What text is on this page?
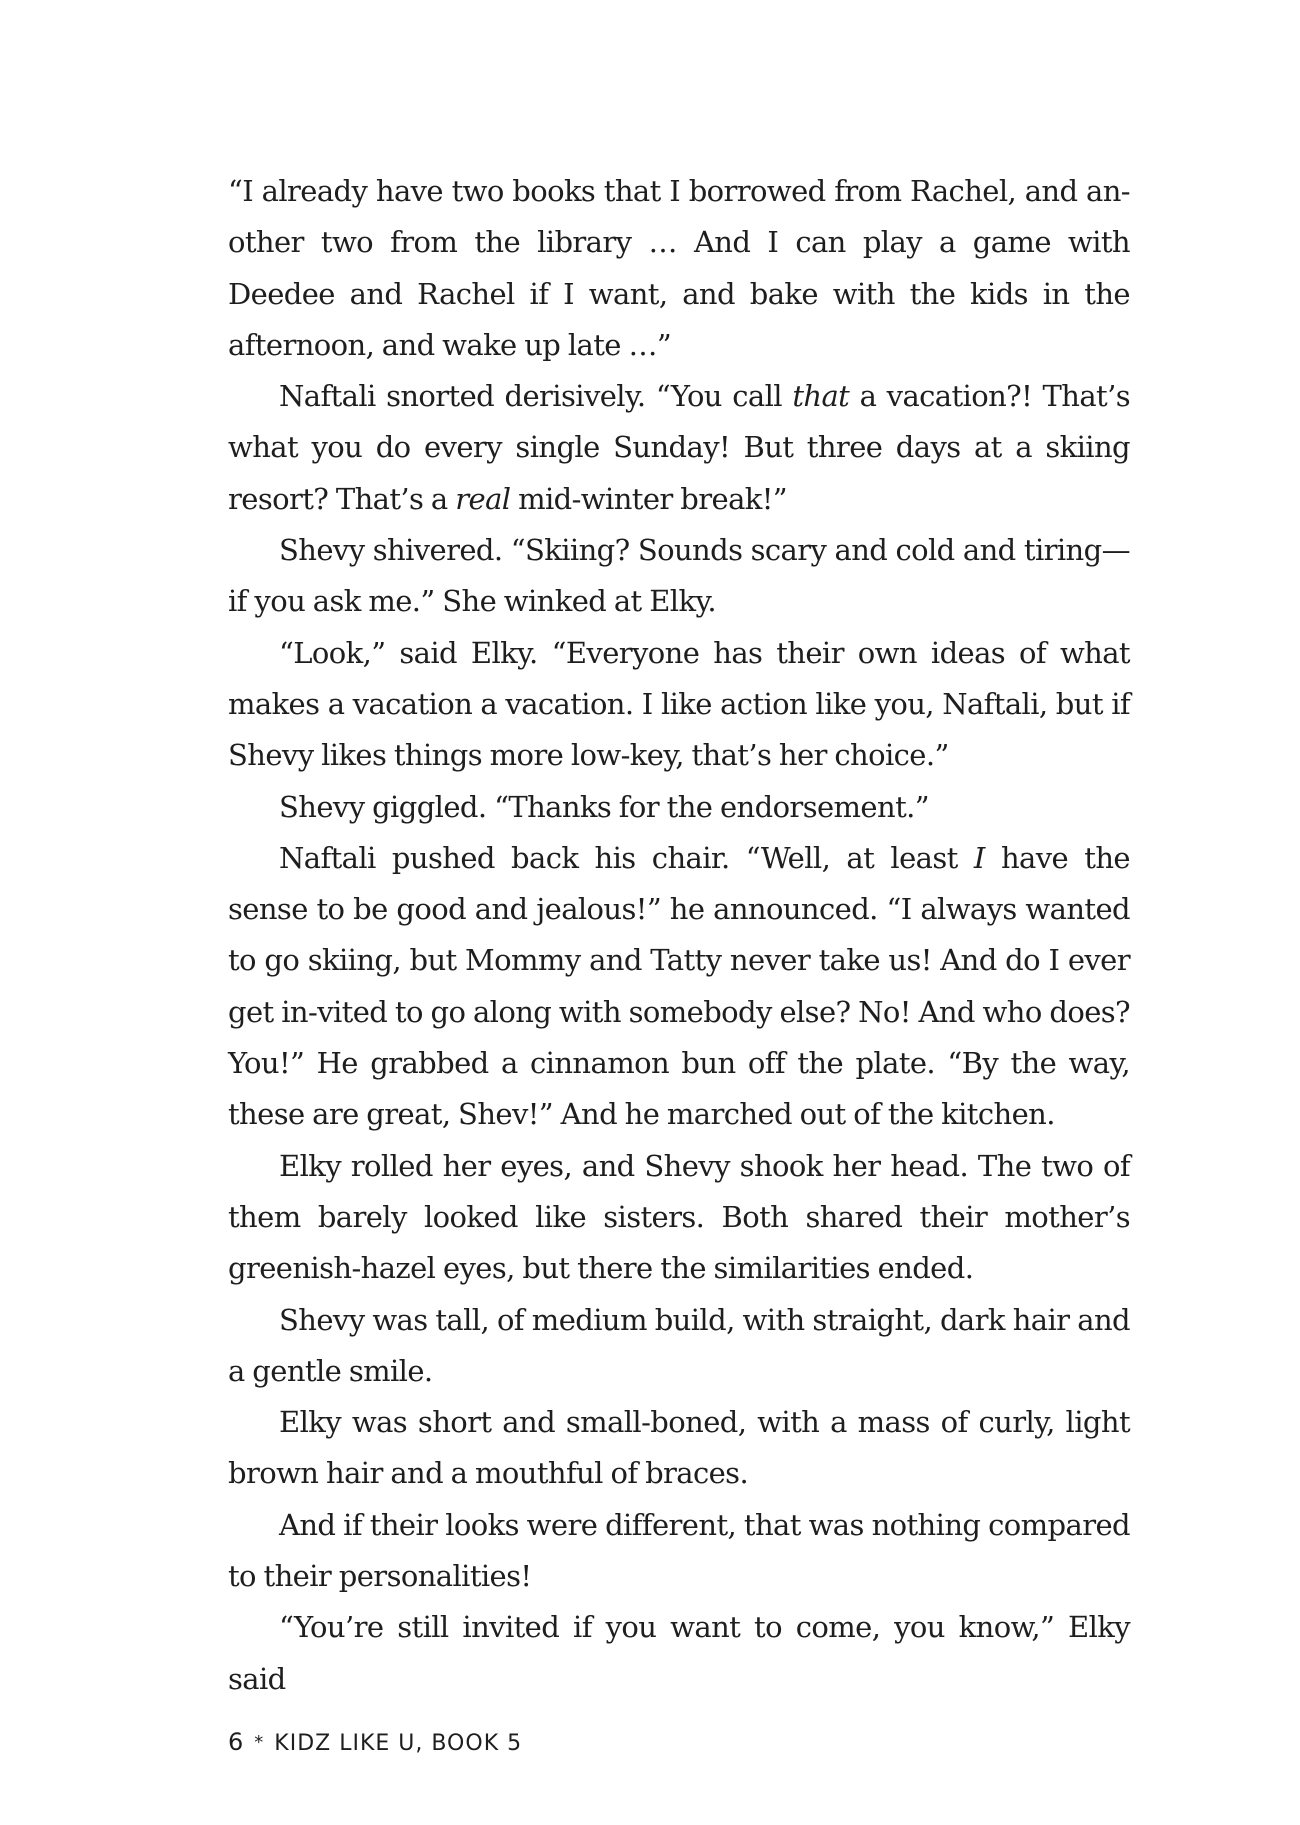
“I already have two books that I borrowed from Rachel, and an-other two from the library … And I can play a game with Deedee and Rachel if I want, and bake with the kids in the afternoon, and wake up late …”

Naftali snorted derisively. “You call that a vacation?! That’s what you do every single Sunday! But three days at a skiing resort? That’s a real mid-winter break!”

Shevy shivered. “Skiing? Sounds scary and cold and tiring— if you ask me.” She winked at Elky.

“Look,” said Elky. “Everyone has their own ideas of what makes a vacation a vacation. I like action like you, Naftali, but if Shevy likes things more low-key, that’s her choice.”

Shevy giggled. “Thanks for the endorsement.”

Naftali pushed back his chair. “Well, at least I have the sense to be good and jealous!” he announced. “I always wanted to go skiing, but Mommy and Tatty never take us! And do I ever get in-vited to go along with somebody else? No! And who does? You!” He grabbed a cinnamon bun off the plate. “By the way, these are great, Shev!” And he marched out of the kitchen.

Elky rolled her eyes, and Shevy shook her head. The two of them barely looked like sisters. Both shared their mother’s greenish-hazel eyes, but there the similarities ended.

Shevy was tall, of medium build, with straight, dark hair and a gentle smile.

Elky was short and small-boned, with a mass of curly, light brown hair and a mouthful of braces.

And if their looks were different, that was nothing compared to their personalities!

“You’re still invited if you want to come, you know,” Elky said

6 * KIDZ LIKE U, BOOK 5
